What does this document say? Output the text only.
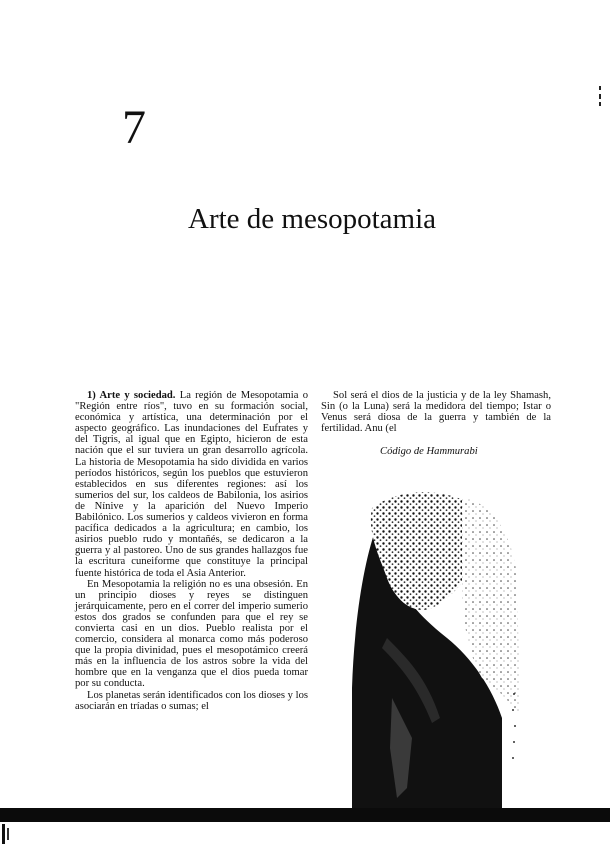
7
Arte de mesopotamia

1) Arte y sociedad. La región de Mesopotamia o "Región entre ríos", tuvo en su formación social, económica y artística, una determinación por el aspecto geográfico. Las inundaciones del Eufrates y del Tigris, al igual que en Egipto, hicieron de esta nación que el sur tuviera un gran desarrollo agrícola. La historia de Mesopotamia ha sido dividida en varios períodos históricos, según los pueblos que estuvieron establecidos en sus diferentes regiones: así los sumerios del sur, los caldeos de Babilonia, los asirios de Nínive y la aparición del Nuevo Imperio Babilónico. Los sumerios y caldeos vivieron en forma pacífica dedicados a la agricultura; en cambio, los asirios pueblo rudo y montañés, se dedicaron a la guerra y al pastoreo. Uno de sus grandes hallazgos fue la escritura cuneiforme que constituye la principal fuente histórica de toda el Asia Anterior.

En Mesopotamia la religión no es una obsesión. En un principio dioses y reyes se distinguen jerárquicamente, pero en el correr del imperio sumerio estos dos grados se confunden para que el rey se convierta casi en un dios. Pueblo realista por el comercio, considera al monarca como más poderoso que la propia divinidad, pues el mesopotámico creerá más en la influencia de los astros sobre la vida del hombre que en la venganza que el dios pueda tomar por su conducta.

Los planetas serán identificados con los dioses y los asociarán en tríadas o sumas; el

Sol será el dios de la justicia y de la ley Shamash, Sin (o la Luna) será la medidora del tiempo; Istar o Venus será diosa de la guerra y también de la fertilidad. Anu (el

Código de Hammurabi
